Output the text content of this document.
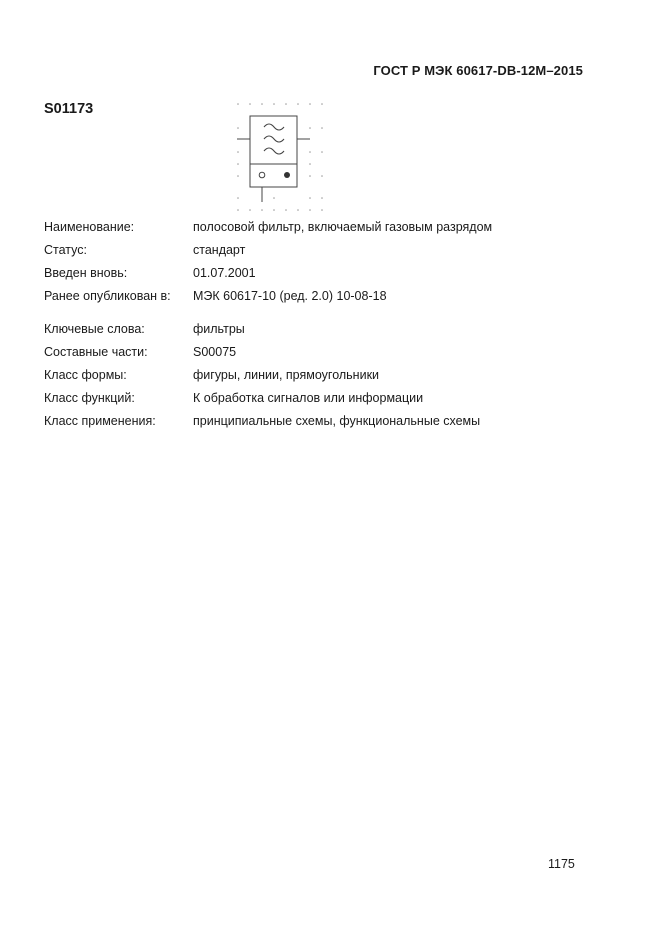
ГОСТ Р МЭК 60617-DB-12M–2015
S01173
Наименование:	полосовой фильтр, включаемый газовым разрядом
Статус:	стандарт
Введен вновь:	01.07.2001
Ранее опубликован в: МЭК 60617-10 (ред. 2.0) 10-08-18
Ключевые слова:	фильтры
Составные части:	S00075
Класс формы:	фигуры, линии, прямоугольники
Класс функций:	К обработка сигналов или информации
Класс применения:	принципиальные схемы, функциональные схемы
1175
